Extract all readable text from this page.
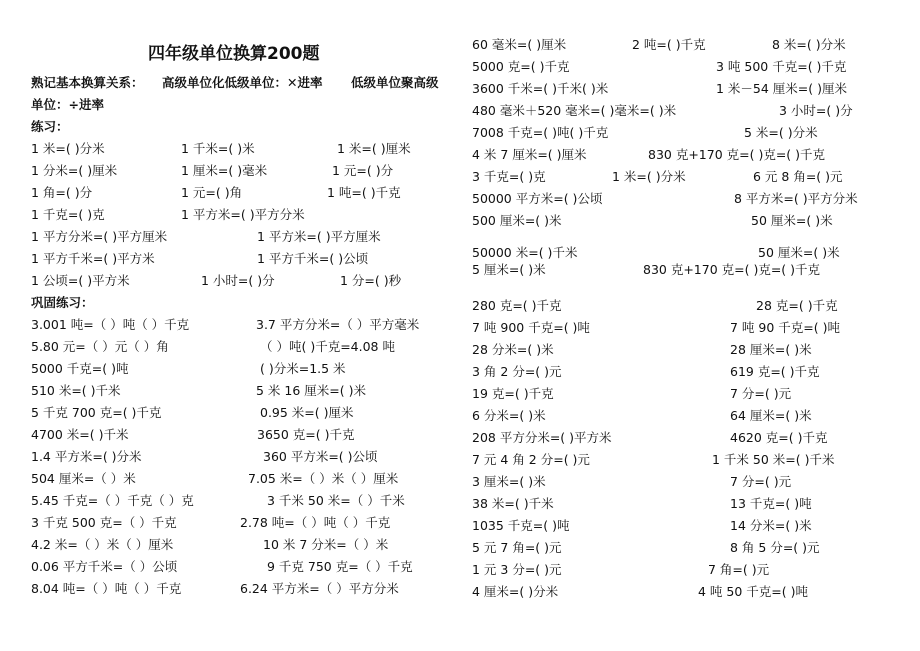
四年级单位换算200题
熟记基本换算关系： 高级单位化低级单位：✕进率 低级单位聚高级
单位：÷进率
练习：
1 米=( )分米	1 千米=( )米	1 米=( )厘米
1 分米=( )厘米	1 厘米=( )毫米	1 元=( )分
1 角=( )分	1 元=( )角	1 吨=( )千克
1 千克=( )克	1 平方米=( )平方分米
1 平方分米=( )平方厘米	1 平方米=( )平方厘米
1 平方千米=( )平方米	1 平方千米=( )公顷
1 公顷=( )平方米	1 小时=( )分	1 分=( )秒
巩固练习：
3.001 吨=（ ）吨（ ）千克	3.7 平方分米=（ ）平方毫米
5.80 元=（ ）元（ ）角	（ ）吨( )千克=4.08 吨
5000 千克=( )吨	( )分米=1.5 米
510 米=( )千米	5 米 16 厘米=( )米
5 千克 700 克=( )千克	0.95 米=( )厘米
4700 米=( )千米	3650 克=( )千克
1.4 平方米=( )分米	360 平方米=( )公顷
504 厘米=（ ）米	7.05 米=（ ）米（ ）厘米
5.45 千克=（ ）千克（ ）克	3 千米 50 米=（ ）千米
3 千克 500 克=（ ）千克	2.78 吨=（ ）吨（ ）千克
4.2 米=（ ）米（ ）厘米	10 米 7 分米=（ ）米
0.06 平方千米=（ ）公顷	9 千克 750 克=（ ）千克
8.04 吨=（ ）吨（ ）千克	6.24 平方米=（ ）平方分米
60 毫米=( )厘米	2 吨=( )千克	8 米=( )分米
5000 克=( )千克	3 吨 500 千克=( )千克
3600 千米=( )千米( )米	1 米－54 厘米=( )厘米
480 毫米＋520 毫米=( )毫米=( )米	3 小时=( )分
7008 千克=( )吨( )千克	5 米=( )分米
4 米 7 厘米=( )厘米	830 克+170 克=( )克=( )千克
3 千克=( )克	1 米=( )分米	6 元 8 角=( )元
50000 平方米=( )公顷	8 平方米=( )平方分米
500 厘米=( )米	50 厘米=( )米
50000 米=( )千米	50 厘米=( )米
5 厘米=( )米	830 克+170 克=( )克=( )千克
280 克=( )千克	28 克=( )千克
7 吨 900 千克=( )吨	7 吨 90 千克=( )吨
28 分米=( )米	28 厘米=( )米
3 角 2 分=( )元	619 克=( )千克
19 克=( )千克	7 分=( )元
6 分米=( )米	64 厘米=( )米
208 平方分米=( )平方米	4620 克=( )千克
7 元 4 角 2 分=( )元	1 千米 50 米=( )千米
3 厘米=( )米	7 分=( )元
38 米=( )千米	13 千克=( )吨
1035 千克=( )吨	14 分米=( )米
5 元 7 角=( )元	8 角 5 分=( )元
1 元 3 分=( )元	7 角=( )元
4 厘米=( )分米	4 吨 50 千克=( )吨
